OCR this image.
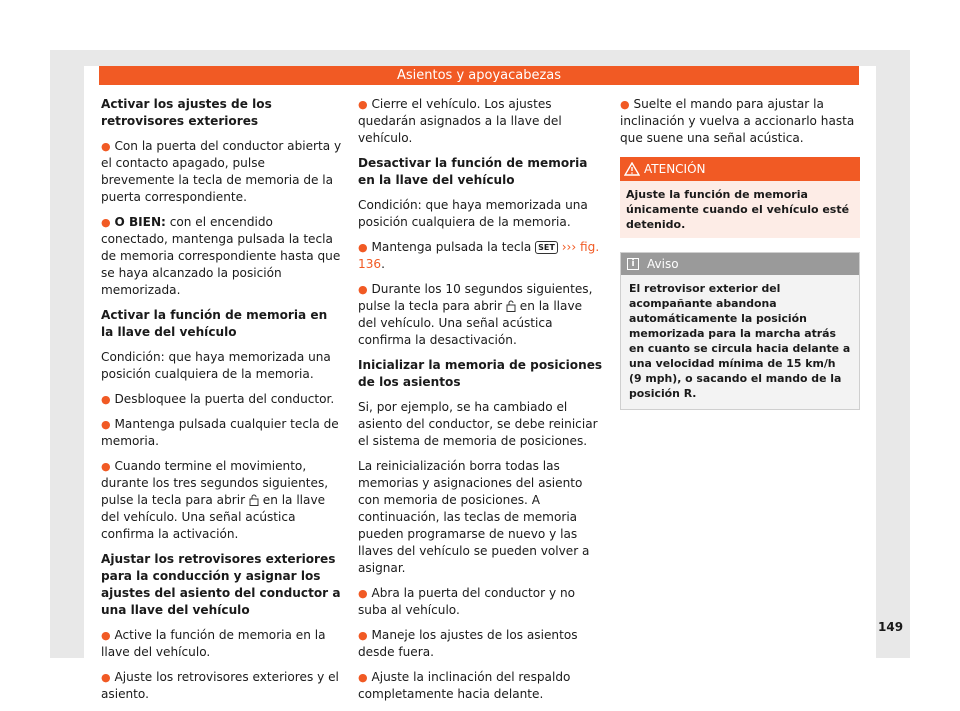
Asientos y apoyacabezas

Activar los ajustes de los retrovisores exteriores

● Con la puerta del conductor abierta y el contacto apagado, pulse brevemente la tecla de memoria de la puerta correspondiente.

● O BIEN: con el encendido conectado, mantenga pulsada la tecla de memoria correspondiente hasta que se haya alcanzado la posición memorizada.

Activar la función de memoria en la llave del vehículo

Condición: que haya memorizada una posición cualquiera de la memoria.

● Desbloquee la puerta del conductor.

● Mantenga pulsada cualquier tecla de memoria.

● Cuando termine el movimiento, durante los tres segundos siguientes, pulse la tecla para abrir  en la llave del vehículo. Una señal acústica confirma la activación.

Ajustar los retrovisores exteriores para la conducción y asignar los ajustes del asiento del conductor a una llave del vehículo

● Active la función de memoria en la llave del vehículo.

● Ajuste los retrovisores exteriores y el asiento.

● Cierre el vehículo. Los ajustes quedarán asignados a la llave del vehículo.

Desactivar la función de memoria en la llave del vehículo

Condición: que haya memorizada una posición cualquiera de la memoria.

● Mantenga pulsada la tecla SET ››› fig. 136.

● Durante los 10 segundos siguientes, pulse la tecla para abrir  en la llave del vehículo. Una señal acústica confirma la desactivación.

Inicializar la memoria de posiciones de los asientos

Si, por ejemplo, se ha cambiado el asiento del conductor, se debe reiniciar el sistema de memoria de posiciones.

La reinicialización borra todas las memorias y asignaciones del asiento con memoria de posiciones. A continuación, las teclas de memoria pueden programarse de nuevo y las llaves del vehículo se pueden volver a asignar.

● Abra la puerta del conductor y no suba al vehículo.

● Maneje los ajustes de los asientos desde fuera.

● Ajuste la inclinación del respaldo completamente hacia delante.

● Suelte el mando para ajustar la inclinación y vuelva a accionarlo hasta que suene una señal acústica.

ATENCIÓN
Ajuste la función de memoria únicamente cuando el vehículo esté detenido.
i	Aviso
El retrovisor exterior del acompañante abandona automáticamente la posición memorizada para la marcha atrás en cuanto se circula hacia delante a una velocidad mínima de 15 km/h (9 mph), o sacando el mando de la posición R.
149
